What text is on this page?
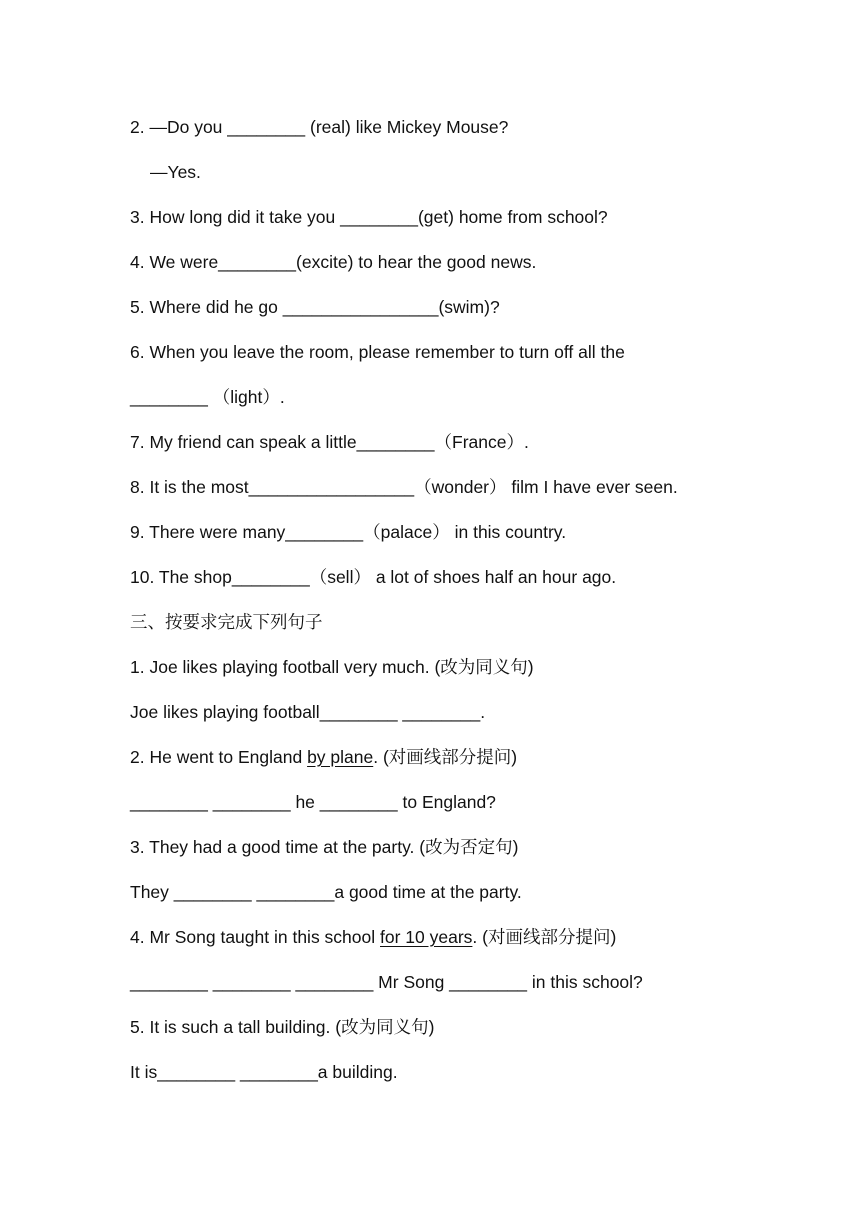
2. —Do you ________ (real) like Mickey Mouse?
—Yes.
3. How long did it take you ________(get) home from school?
4. We were________(excite) to hear the good news.
5. Where did he go ________________(swim)?
6. When you leave the room, please remember to turn off all the
________ （light）.
7. My friend can speak a little________（France）.
8. It is the most_________________（wonder） film I have ever seen.
9. There were many________（palace） in this country.
10. The shop________（sell） a lot of shoes half an hour ago.
三、按要求完成下列句子
1. Joe likes playing football very much. (改为同义句)
Joe likes playing football________ ________.
2. He went to England by plane. (对画线部分提问)
________ ________ he ________ to England?
3. They had a good time at the party. (改为否定句)
They ________ ________a good time at the party.
4. Mr Song taught in this school for 10 years. (对画线部分提问)
________ ________ ________ Mr Song ________ in this school?
5. It is such a tall building. (改为同义句)
It is________ ________a building.
